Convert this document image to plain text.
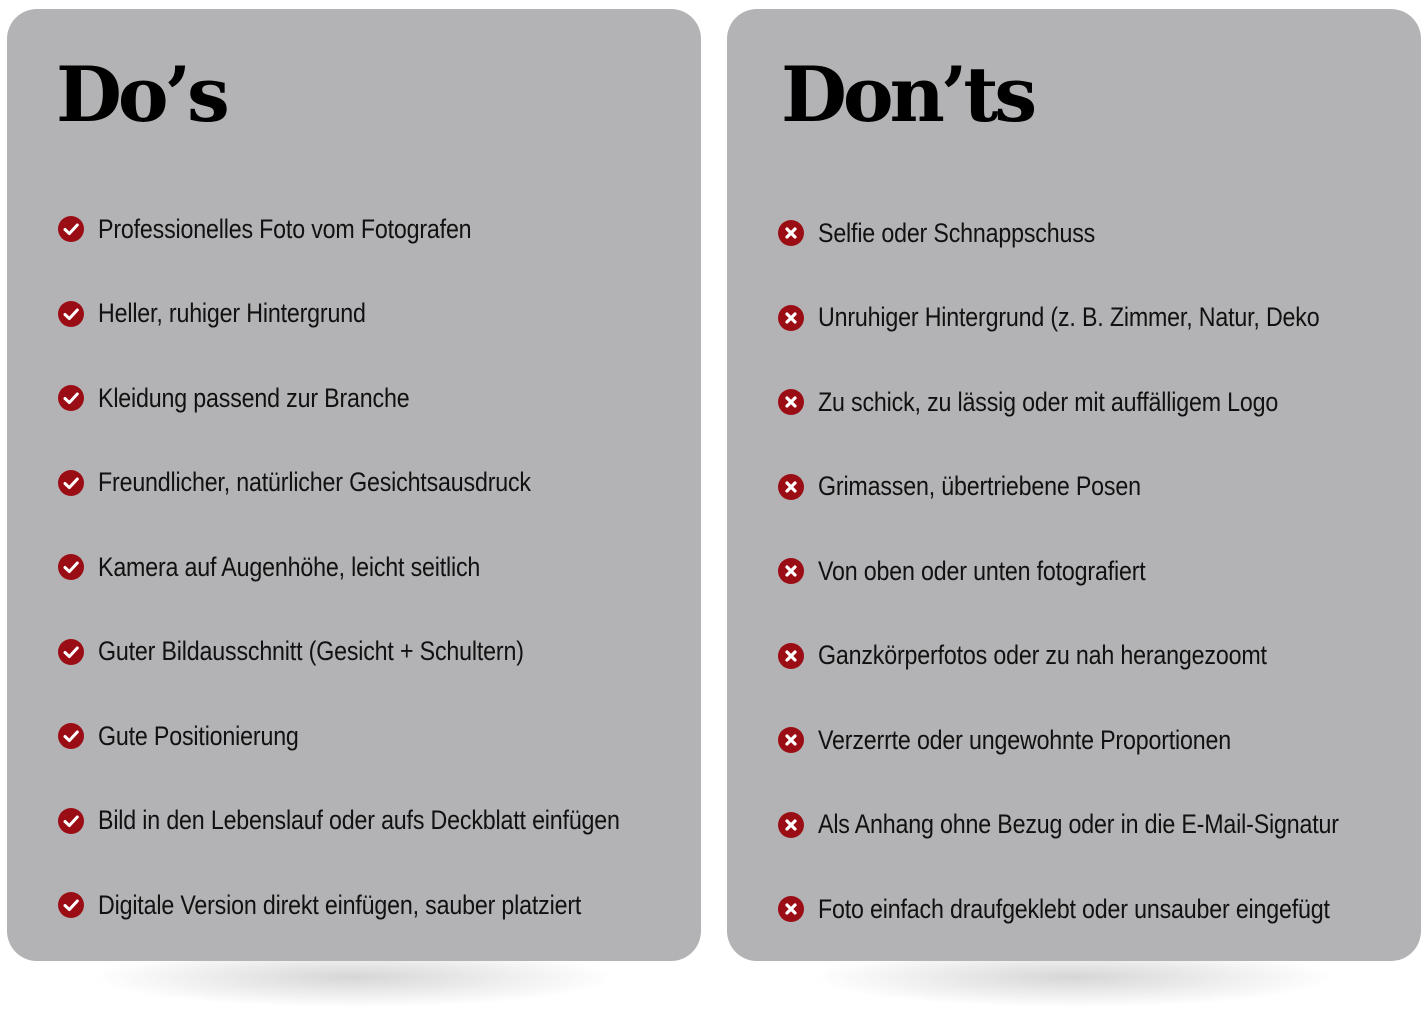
Do’s
Professionelles Foto vom Fotografen
Heller, ruhiger Hintergrund
Kleidung passend zur Branche
Freundlicher, natürlicher Gesichtsausdruck
Kamera auf Augenhöhe, leicht seitlich
Guter Bildausschnitt (Gesicht + Schultern)
Gute Positionierung
Bild in den Lebenslauf oder aufs Deckblatt einfügen
Digitale Version direkt einfügen, sauber platziert
Don’ts
Selfie oder Schnappschuss
Unruhiger Hintergrund (z. B. Zimmer, Natur, Deko
Zu schick, zu lässig oder mit auffälligem Logo
Grimassen, übertriebene Posen
Von oben oder unten fotografiert
Ganzkörperfotos oder zu nah herangezoomt
Verzerrte oder ungewohnte Proportionen
Als Anhang ohne Bezug oder in die E-Mail-Signatur
Foto einfach draufgeklebt oder unsauber eingefügt
